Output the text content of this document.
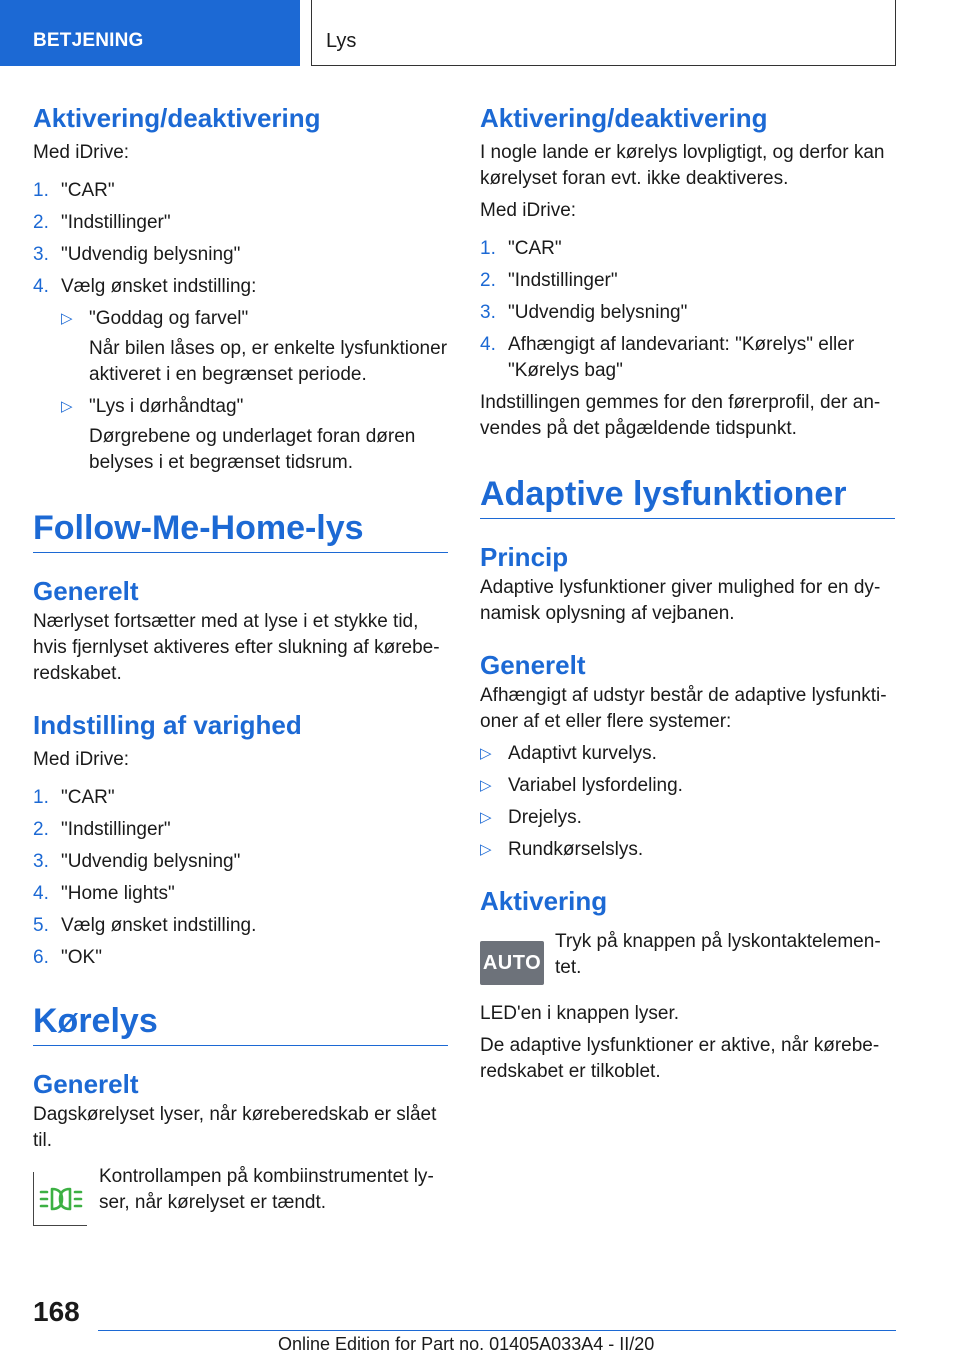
BETJENING	Lys
Aktivering/deaktivering

Med iDrive:

1. "CAR"
2. "Indstillinger"
3. "Udvendig belysning"
4. Vælg ønsket indstilling:
▷ "Goddag og farvel"
Når bilen låses op, er enkelte lysfunktioner aktiveret i en begrænset periode.
▷ "Lys i dørhåndtag"
Dørgrebene og underlaget foran døren belyses i et begrænset tidsrum.
Follow-Me-Home-lys
Generelt

Nærlyset fortsætter med at lyse i et stykke tid, hvis fjernlyset aktiveres efter slukning af køreberedskabet.

Indstilling af varighed

Med iDrive:

1. "CAR"
2. "Indstillinger"
3. "Udvendig belysning"
4. "Home lights"
5. Vælg ønsket indstilling.
6. "OK"
Kørelys
Generelt

Dagskørelyset lyser, når køreberedskab er slået til.

Kontrollampen på kombiinstrumentet lyser, når kørelyset er tændt.

Aktivering/deaktivering

I nogle lande er kørelys lovpligtigt, og derfor kan kørelyset foran evt. ikke deaktiveres.

Med iDrive:

1. "CAR"
2. "Indstillinger"
3. "Udvendig belysning"
4. Afhængigt af landevariant: "Kørelys" eller "Kørelys bag"

Indstillingen gemmes for den førerprofil, der anvendes på det pågældende tidspunkt.

Adaptive lysfunktioner
Princip

Adaptive lysfunktioner giver mulighed for en dynamisk oplysning af vejbanen.

Generelt

Afhængigt af udstyr består de adaptive lysfunktioner af et eller flere systemer:

▷ Adaptivt kurvelys.
▷ Variabel lysfordeling.
▷ Drejelys.
▷ Rundkørselslys.
Aktivering
AUTO

Tryk på knappen på lyskontaktelementet.

LED'en i knappen lyser.

De adaptive lysfunktioner er aktive, når køreberedskabet er tilkoblet.

168
Online Edition for Part no. 01405A033A4 - II/20
